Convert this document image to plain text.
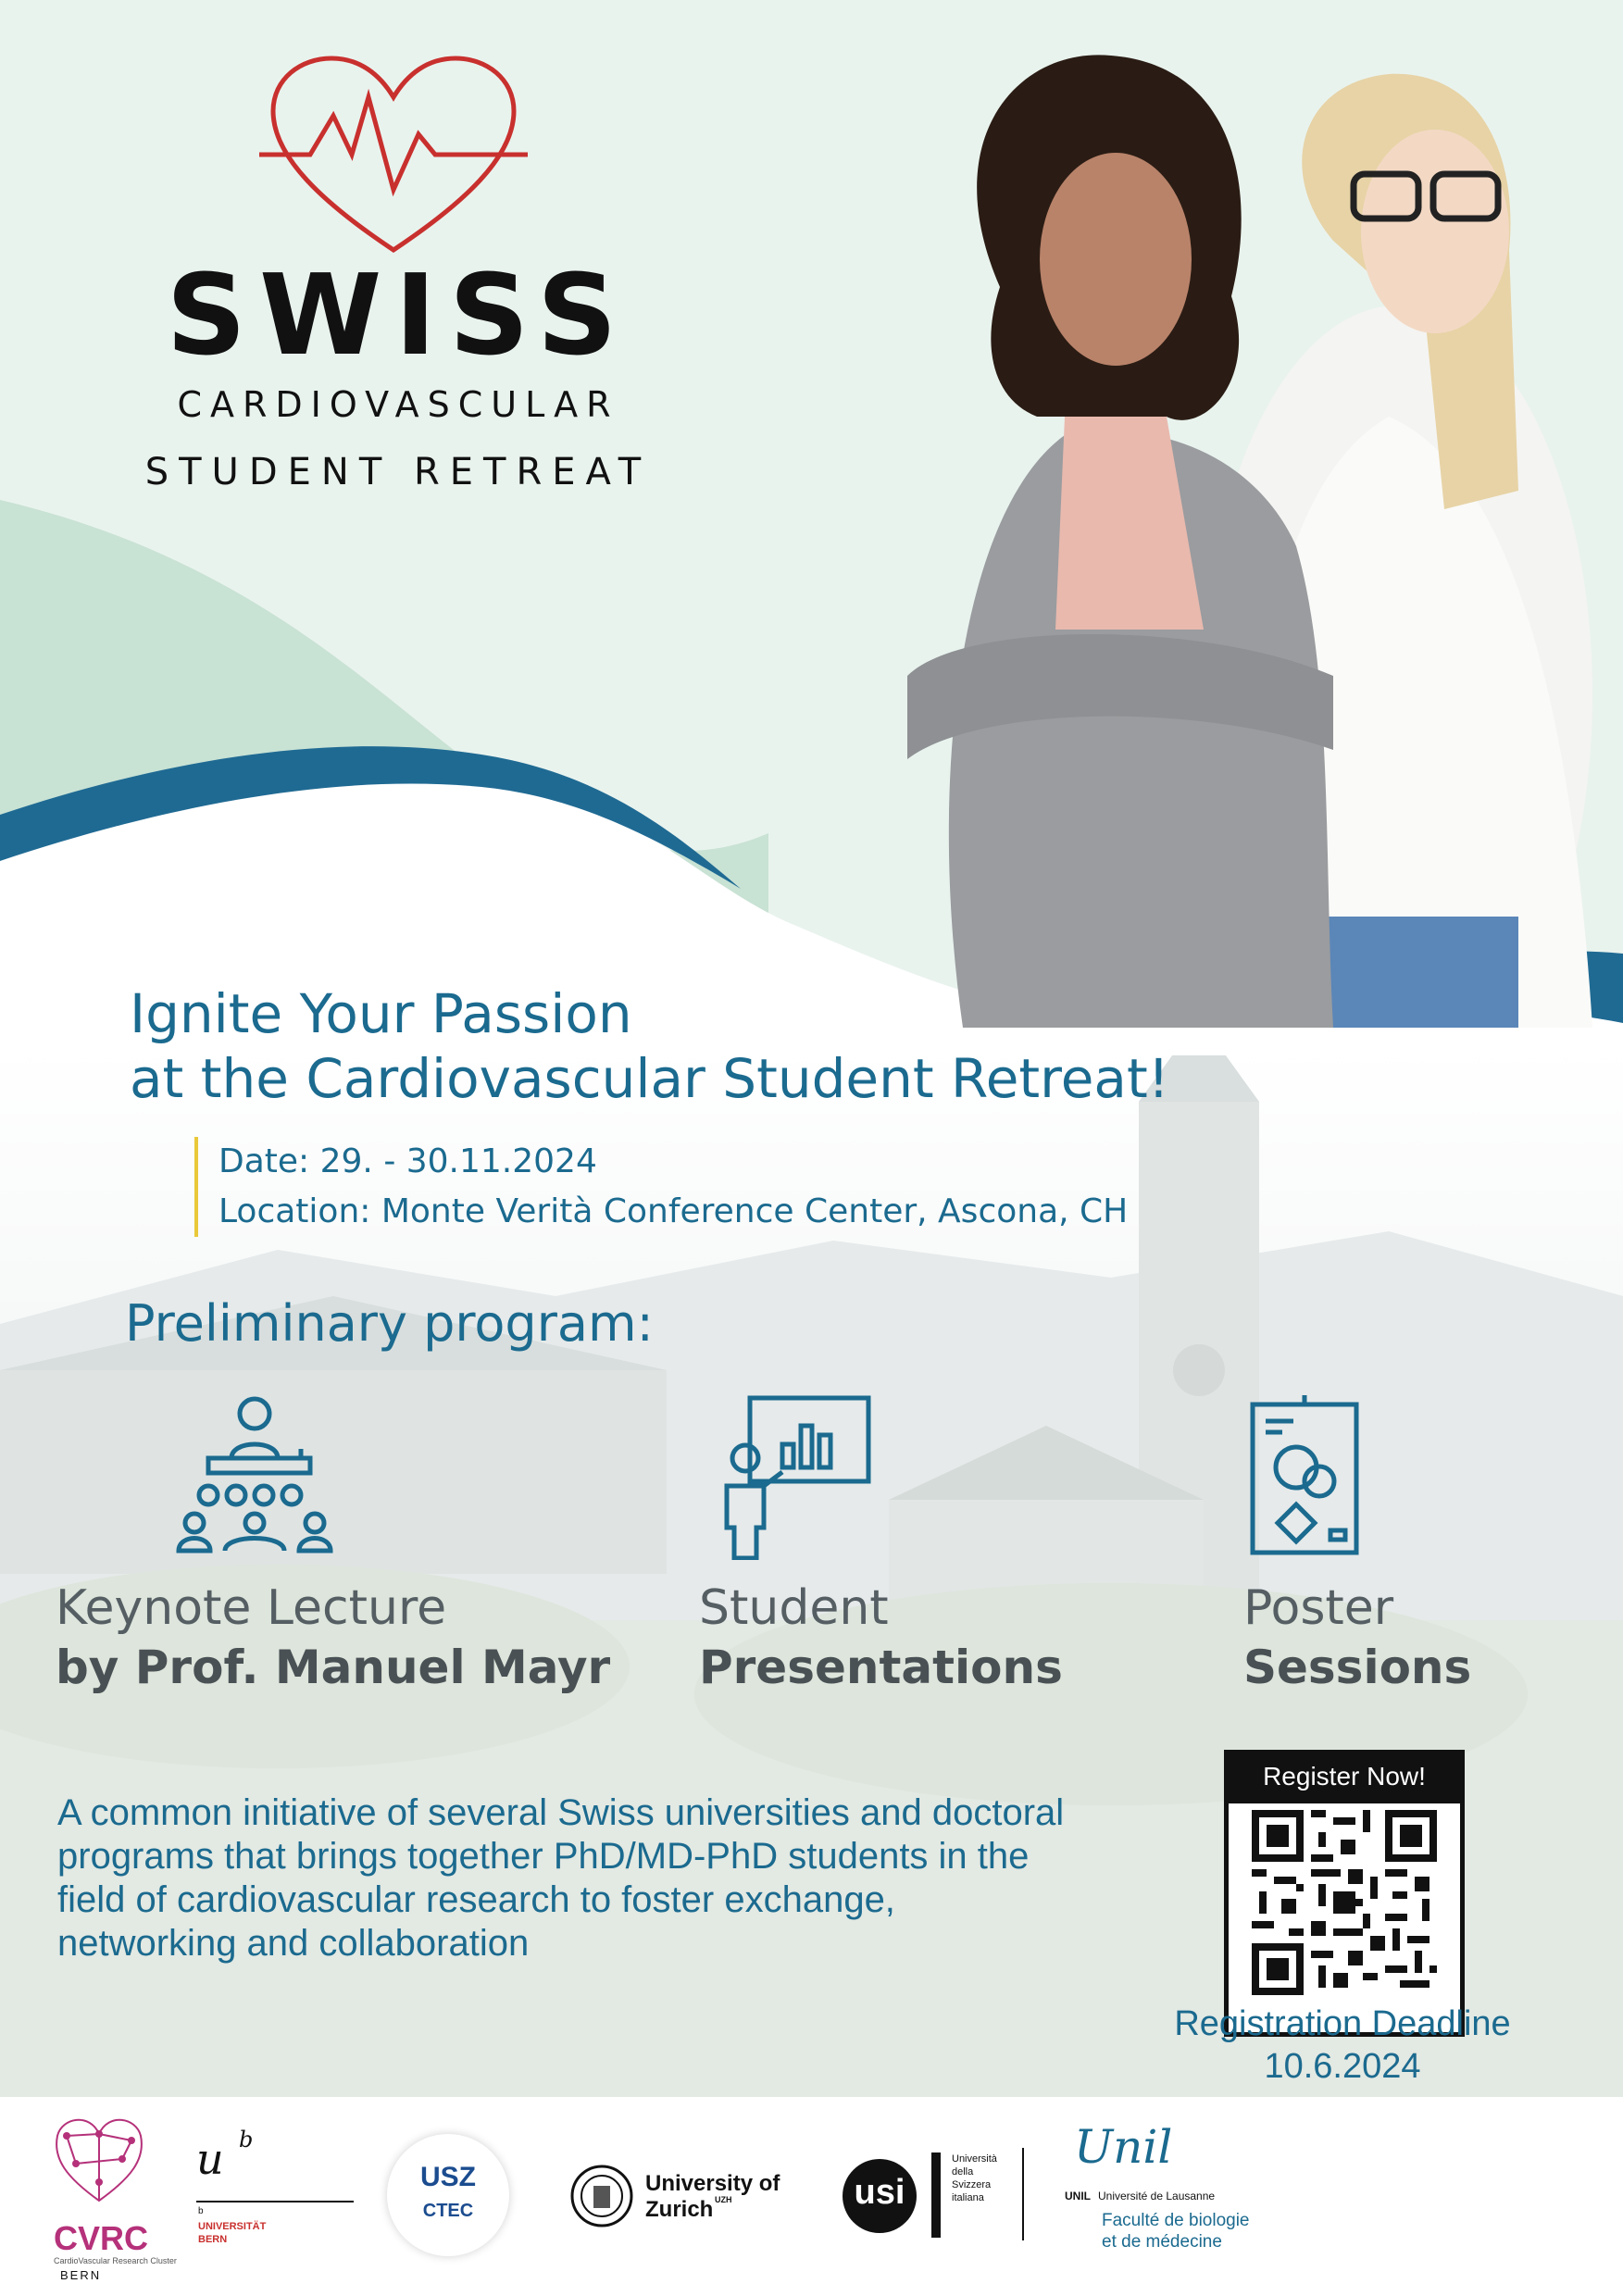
SWISS
CARDIOVASCULAR
STUDENT RETREAT
Ignite Your Passion
at the Cardiovascular Student Retreat!
Date: 29. - 30.11.2024
Location: Monte Verità Conference Center, Ascona, CH
Preliminary program:
Keynote Lecture
by Prof. Manuel Mayr
Student
Presentations
Poster
Sessions
A common initiative of several Swiss universities and doctoral
programs that brings together PhD/MD-PhD students in the
field of cardiovascular research to foster exchange,
networking and collaboration
Register Now!
Registration Deadline
10.6.2024
CVRC
CardioVascular Research Cluster
BERN
u b
b
UNIVERSITÄT
BERN
USZ
CTEC
University of
Zurich UZH	usi
Università
della
Svizzera
italiana
Unil
UNIL Université de Lausanne
Faculté de biologie
et de médecine
